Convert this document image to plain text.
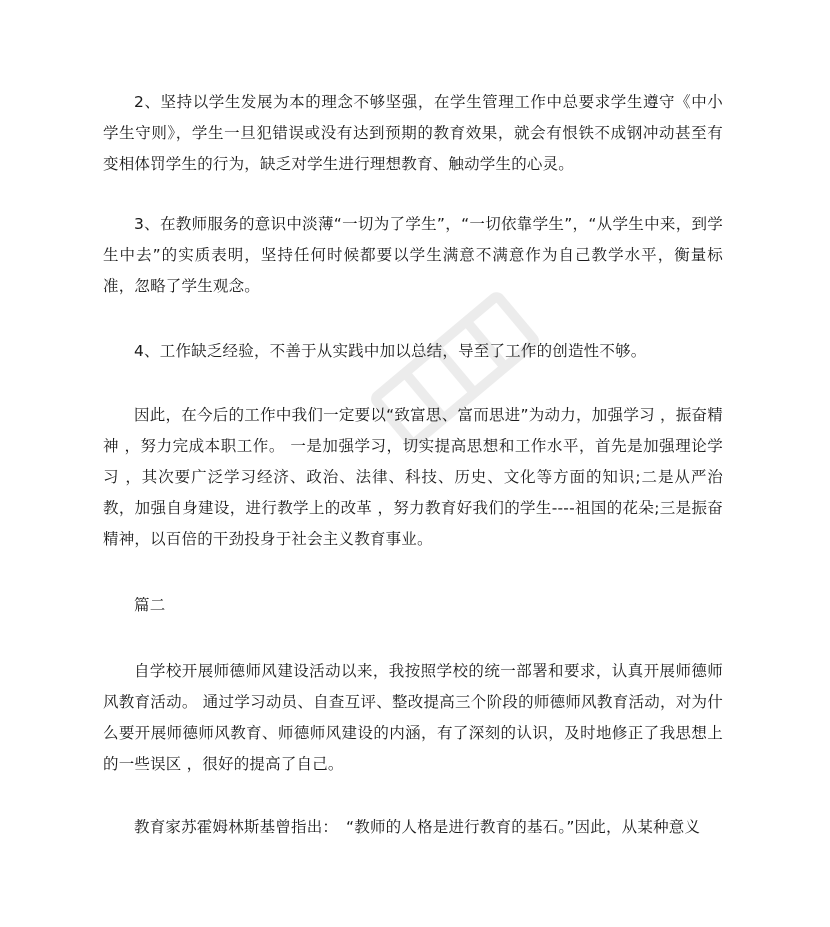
2、坚持以学生发展为本的理念不够坚强，在学生管理工作中总要求学生遵守《中小学生守则》，学生一旦犯错误或没有达到预期的教育效果，就会有恨铁不成钢冲动甚至有变相体罚学生的行为，缺乏对学生进行理想教育、触动学生的心灵。

3、在教师服务的意识中淡薄“一切为了学生”，“一切依靠学生”，“从学生中来，到学生中去”的实质表明，坚持任何时候都要以学生满意不满意作为自己教学水平，衡量标准，忽略了学生观念。

4、工作缺乏经验，不善于从实践中加以总结，导至了工作的创造性不够。

因此，在今后的工作中我们一定要以“致富思、富而思进”为动力，加强学习 ，振奋精神 ，努力完成本职工作。 一是加强学习，切实提高思想和工作水平，首先是加强理论学习 ，其次要广泛学习经济、政治、法律、科技、历史、文化等方面的知识;二是从严治教，加强自身建设，进行教学上的改革 ，努力教育好我们的学生----祖国的花朵;三是振奋精神，以百倍的干劲投身于社会主义教育事业。

篇二

自学校开展师德师风建设活动以来，我按照学校的统一部署和要求，认真开展师德师风教育活动。 通过学习动员、自查互评、整改提高三个阶段的师德师风教育活动，对为什么要开展师德师风教育、师德师风建设的内涵，有了深刻的认识，及时地修正了我思想上的一些误区 ，很好的提高了自己。

教育家苏霍姆林斯基曾指出：　“教师的人格是进行教育的基石。”因此，从某种意义
